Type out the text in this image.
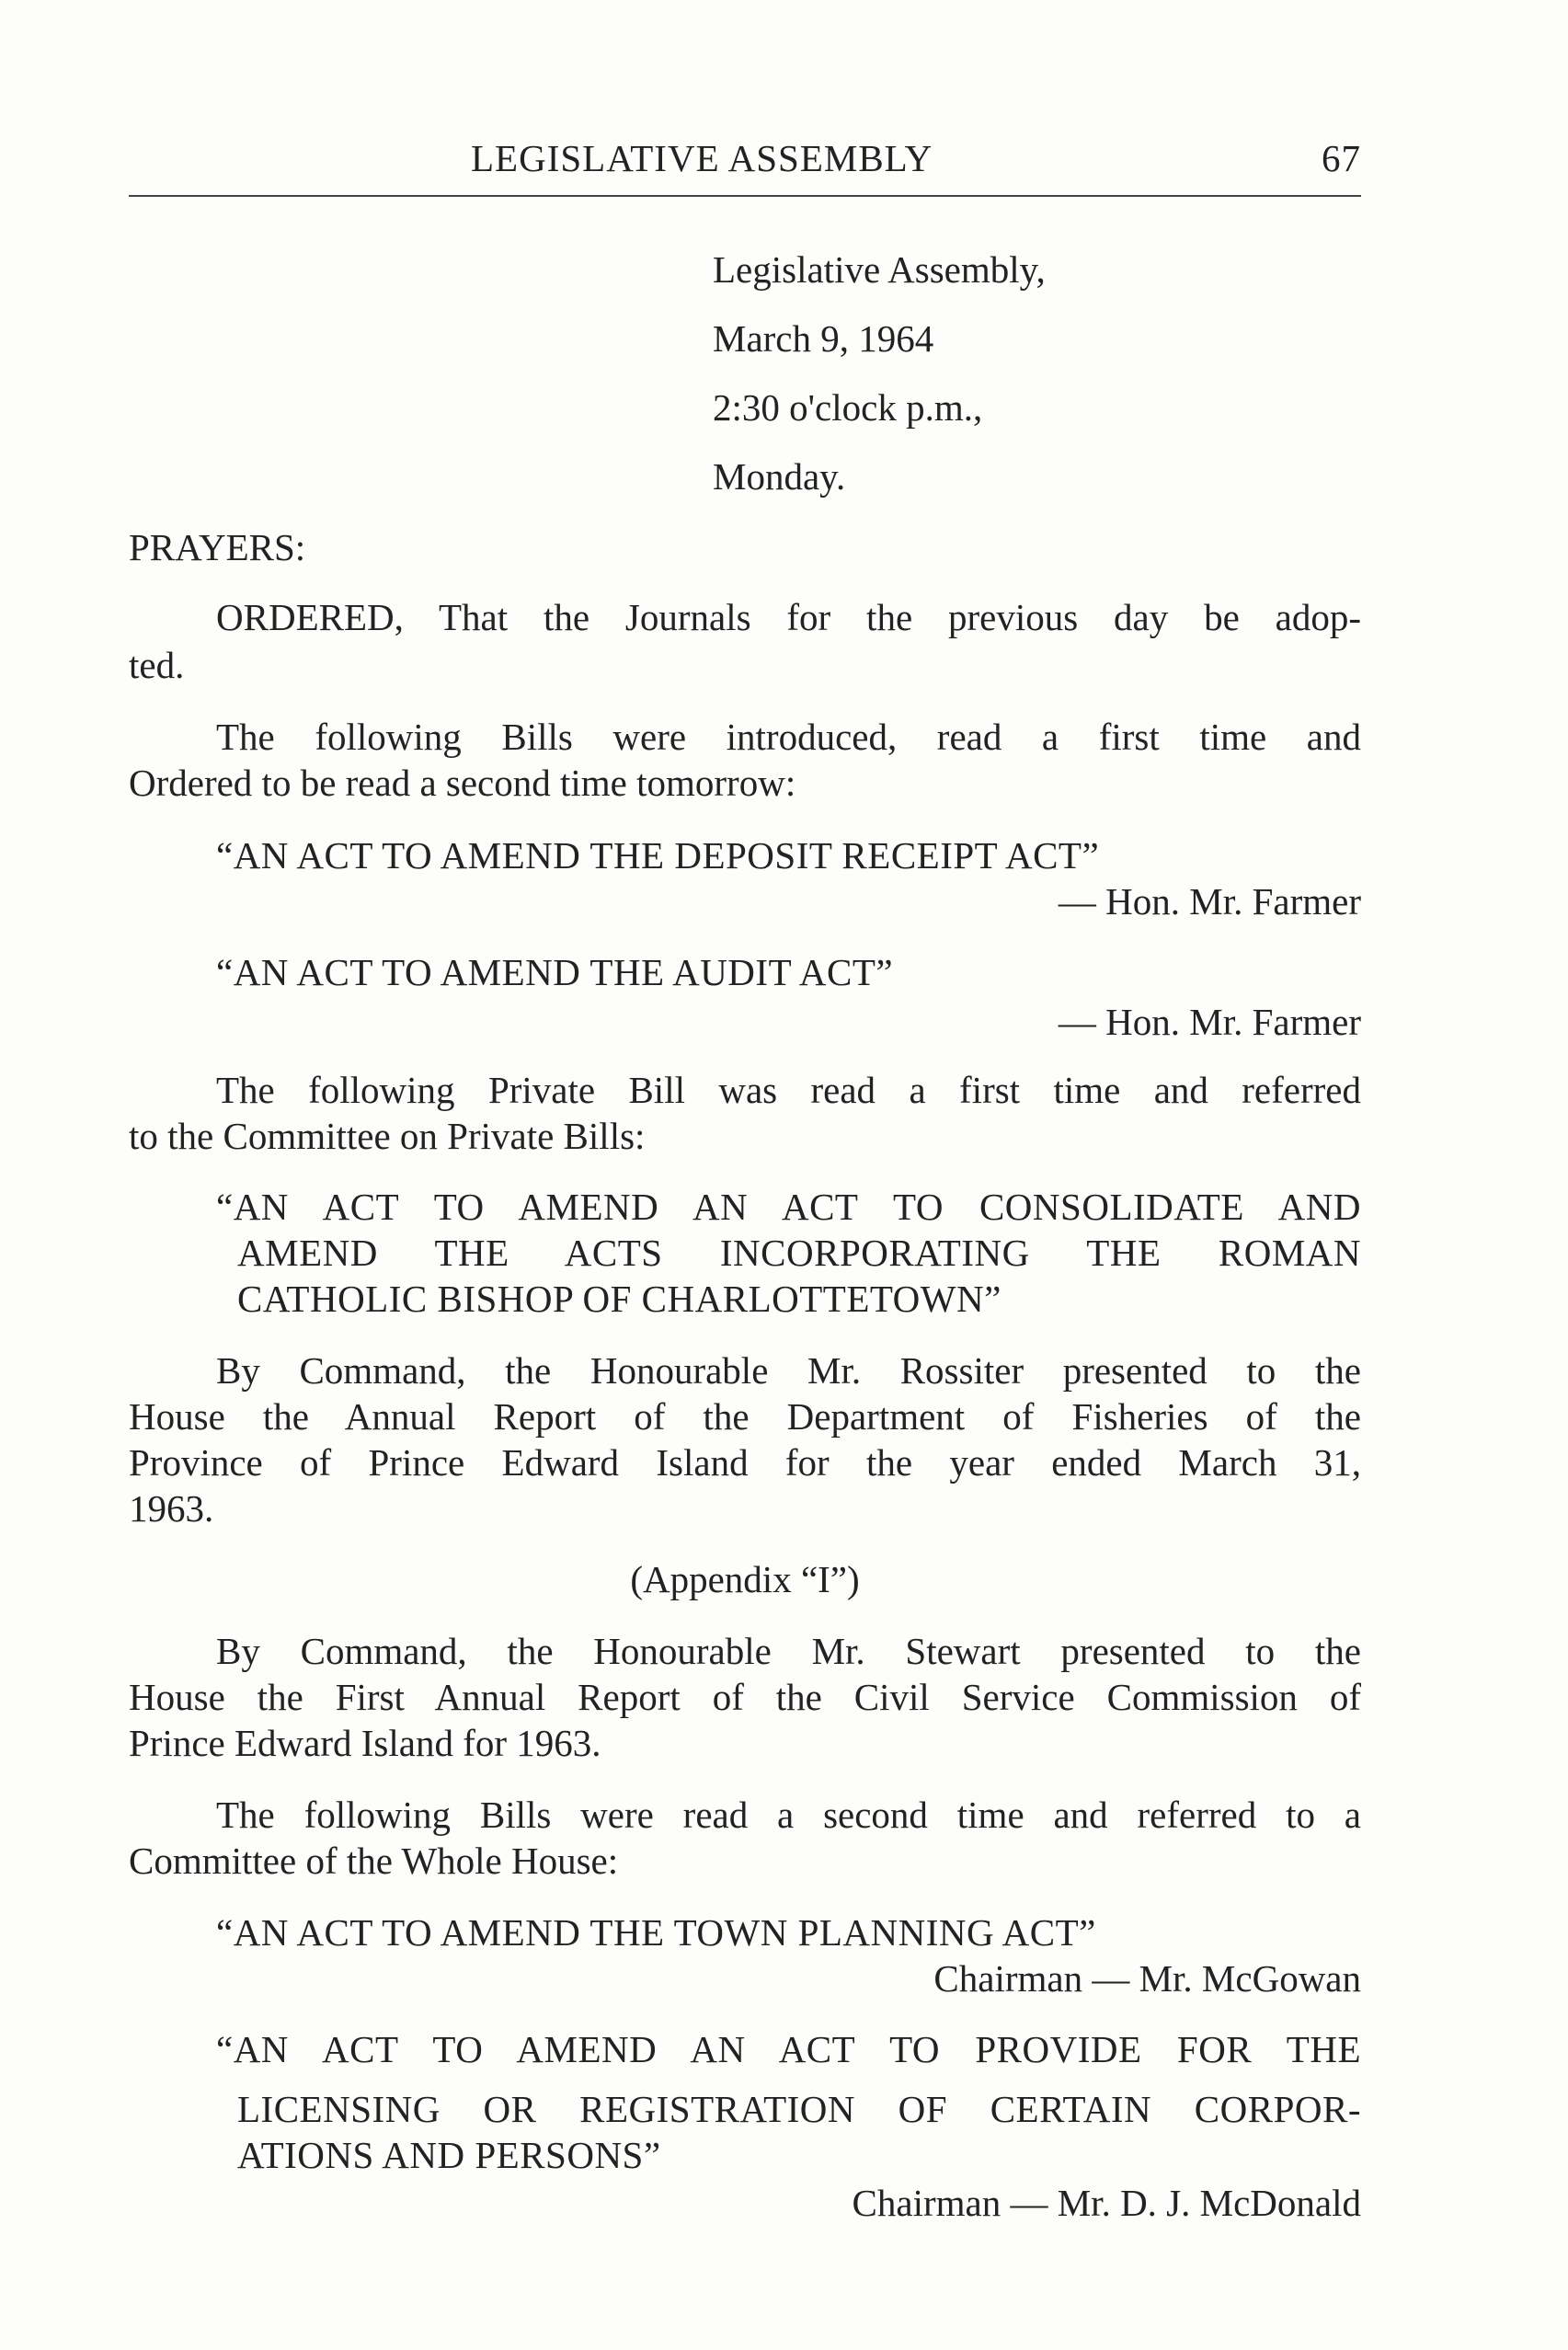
LEGISLATIVE ASSEMBLY	67
Legislative Assembly,
March 9, 1964
2:30 o'clock p.m.,
Monday.
PRAYERS:
ORDERED, That the Journals for the previous day be adop-
ted.
The following Bills were introduced, read a first time and
Ordered to be read a second time tomorrow:
“AN ACT TO AMEND THE DEPOSIT RECEIPT ACT”
— Hon. Mr. Farmer
“AN ACT TO AMEND THE AUDIT ACT”
— Hon. Mr. Farmer
The following Private Bill was read a first time and referred
to the Committee on Private Bills:
“AN ACT TO AMEND AN ACT TO CONSOLIDATE AND
AMEND THE ACTS INCORPORATING THE ROMAN
CATHOLIC BISHOP OF CHARLOTTETOWN”
By Command, the Honourable Mr. Rossiter presented to the
House the Annual Report of the Department of Fisheries of the
Province of Prince Edward Island for the year ended March 31,
1963.
(Appendix “I”)
By Command, the Honourable Mr. Stewart presented to the
House the First Annual Report of the Civil Service Commission of
Prince Edward Island for 1963.
The following Bills were read a second time and referred to a
Committee of the Whole House:
“AN ACT TO AMEND THE TOWN PLANNING ACT”
Chairman — Mr. McGowan
“AN ACT TO AMEND AN ACT TO PROVIDE FOR THE
LICENSING OR REGISTRATION OF CERTAIN CORPOR-
ATIONS AND PERSONS”
Chairman — Mr. D. J. McDonald
